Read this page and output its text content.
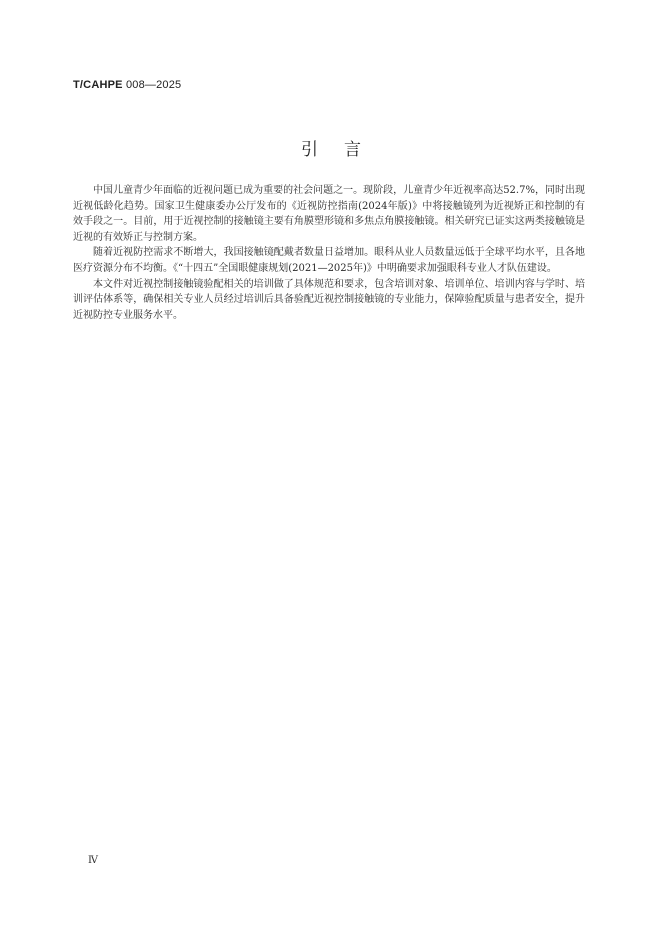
T/CAHPE 008—2025
引言

中国儿童青少年面临的近视问题已成为重要的社会问题之一。现阶段，儿童青少年近视率高达52.7%，同时出现近视低龄化趋势。国家卫生健康委办公厅发布的《近视防控指南(2024年版)》中将接触镜列为近视矫正和控制的有效手段之一。目前，用于近视控制的接触镜主要有角膜塑形镜和多焦点角膜接触镜。相关研究已证实这两类接触镜是近视的有效矫正与控制方案。

随着近视防控需求不断增大，我国接触镜配戴者数量日益增加。眼科从业人员数量远低于全球平均水平，且各地医疗资源分布不均衡。《“十四五”全国眼健康规划(2021—2025年)》中明确要求加强眼科专业人才队伍建设。

本文件对近视控制接触镜验配相关的培训做了具体规范和要求，包含培训对象、培训单位、培训内容与学时、培训评估体系等，确保相关专业人员经过培训后具备验配近视控制接触镜的专业能力，保障验配质量与患者安全，提升近视防控专业服务水平。

Ⅳ
